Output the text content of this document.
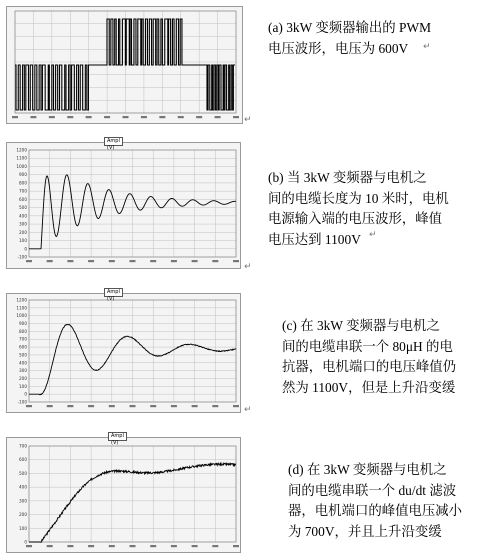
(a) 3kW 变频器输出的 PWM
电压波形，电压为 600V
↵
↵
1200
1100
1000
900
800
700
600
500
400
300
200
100
0
-100
Ampl (V)
(b) 当 3kW 变频器与电机之
间的电缆长度为 10 米时，电机
电源输入端的电压波形，峰值
电压达到 1100V
↵
↵
1200
1100
1000
900
800
700
600
500
400
300
200
100
0
-100
Ampl (V)
(c) 在 3kW 变频器与电机之
间的电缆串联一个 80μH 的电
抗器，电机端口的电压峰值仍
然为 1100V，但是上升沿变缓
↵
700
600
500
400
300
200
100
0
Ampl (V)
(d) 在 3kW 变频器与电机之
间的电缆串联一个 du/dt 滤波
器，电机端口的峰值电压减小
为 700V，并且上升沿变缓
